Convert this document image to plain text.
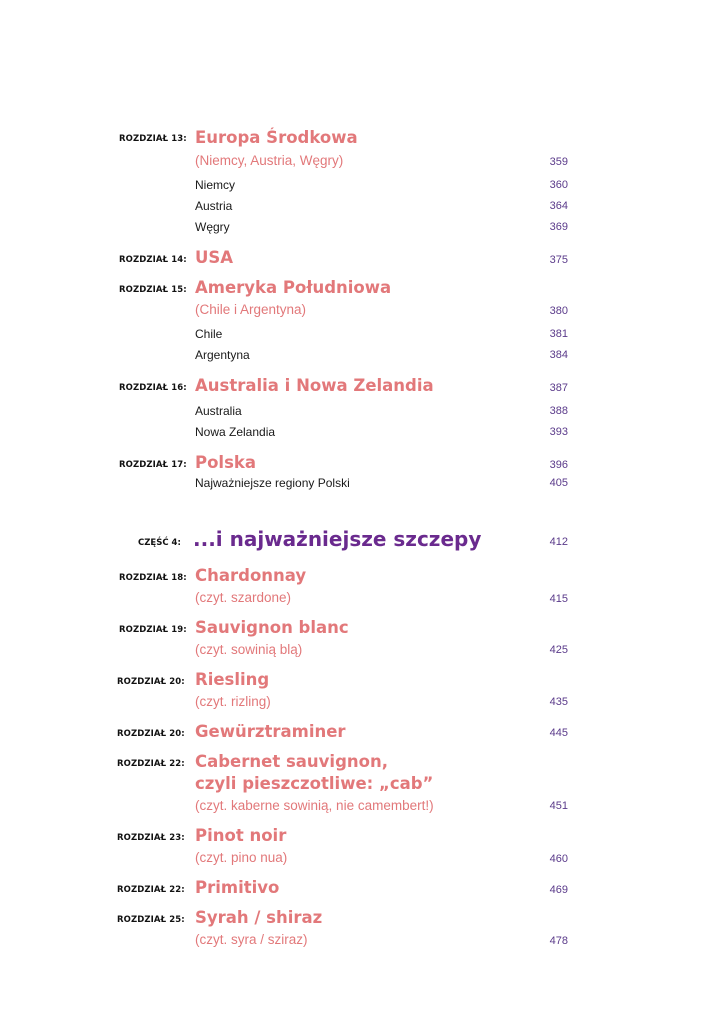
ROZDZIAŁ 13: Europa Środkowa
(Niemcy, Austria, Węgry)	359
Niemcy	360
Austria	364
Węgry	369
ROZDZIAŁ 14: USA	375
ROZDZIAŁ 15: Ameryka Południowa
(Chile i Argentyna)	380
Chile	381
Argentyna	384
ROZDZIAŁ 16: Australia i Nowa Zelandia	387
Australia	388
Nowa Zelandia	393
ROZDZIAŁ 17: Polska	396
Najważniejsze regiony Polski	405
CZĘŚĆ 4: ...i najważniejsze szczepy	412
ROZDZIAŁ 18: Chardonnay
(czyt. szardone)	415
ROZDZIAŁ 19: Sauvignon blanc
(czyt. sowinią blą)	425
ROZDZIAŁ 20: Riesling
(czyt. rizling)	435
ROZDZIAŁ 20: Gewürztraminer	445
ROZDZIAŁ 22: Cabernet sauvignon,
czyli pieszczotliwe: „cab”
(czyt. kaberne sowinią, nie camembert!)	451
ROZDZIAŁ 23: Pinot noir
(czyt. pino nua)	460
ROZDZIAŁ 22: Primitivo	469
ROZDZIAŁ 25: Syrah / shiraz
(czyt. syra / sziraz)	478
